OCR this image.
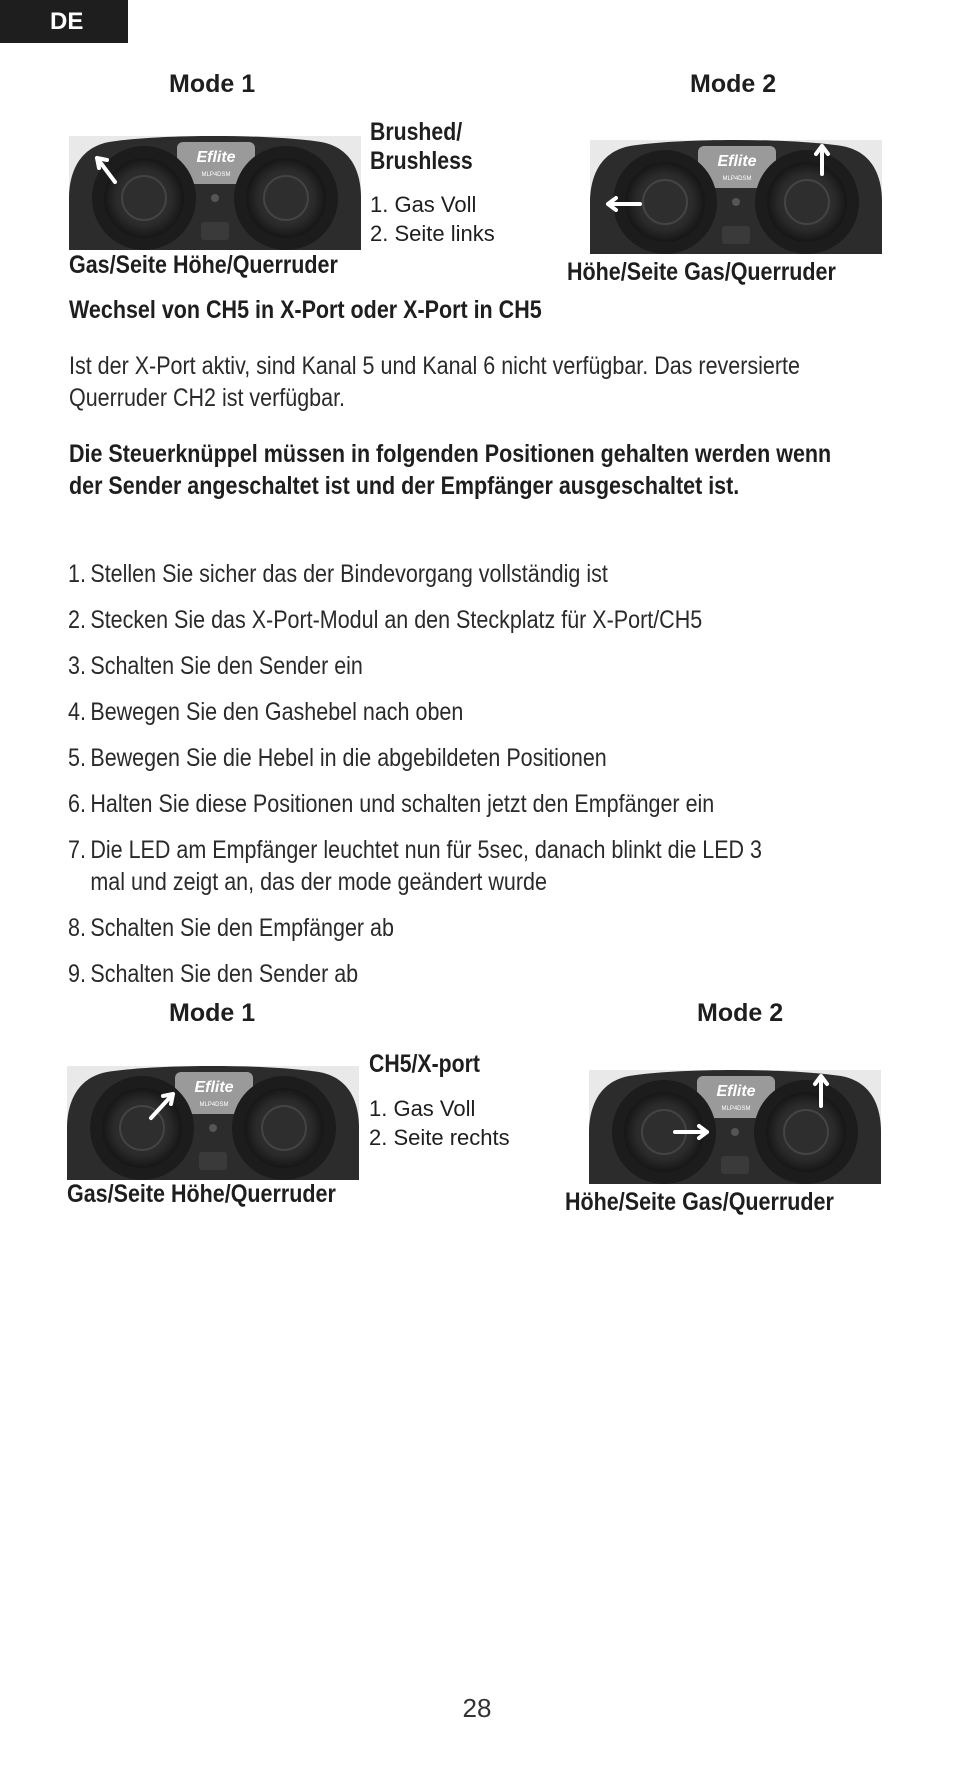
DE
Mode 1	Mode 2
Eflite
MLP4DSM
Brushed/
Brushless
1. Gas Voll
2. Seite links
Eflite
MLP4DSM
Gas/Seite Höhe/Querruder	Höhe/Seite Gas/Querruder
Wechsel von CH5 in X-Port oder X-Port in CH5
Ist der X-Port aktiv, sind Kanal 5 und Kanal 6 nicht verfügbar. Das reversierte Querruder CH2 ist verfügbar.
Die Steuerknüppel müssen in folgenden Positionen gehalten werden wenn der Sender angeschaltet ist und der Empfänger ausgeschaltet ist.
1. Stellen Sie sicher das der Bindevorgang vollständig ist
2. Stecken Sie das X-Port-Modul an den Steckplatz für X-Port/CH5
3. Schalten Sie den Sender ein
4. Bewegen Sie den Gashebel nach oben
5. Bewegen Sie die Hebel in die abgebildeten Positionen
6. Halten Sie diese Positionen und schalten jetzt den Empfänger ein
7. Die LED am Empfänger leuchtet nun für 5sec, danach blinkt die LED 3 mal und zeigt an, das der mode geändert wurde
8. Schalten Sie den Empfänger ab
9. Schalten Sie den Sender ab
Mode 1	Mode 2
Eflite
MLP4DSM
CH5/X-port
1. Gas Voll
2. Seite rechts
Eflite
MLP4DSM
Gas/Seite Höhe/Querruder	Höhe/Seite Gas/Querruder
28
